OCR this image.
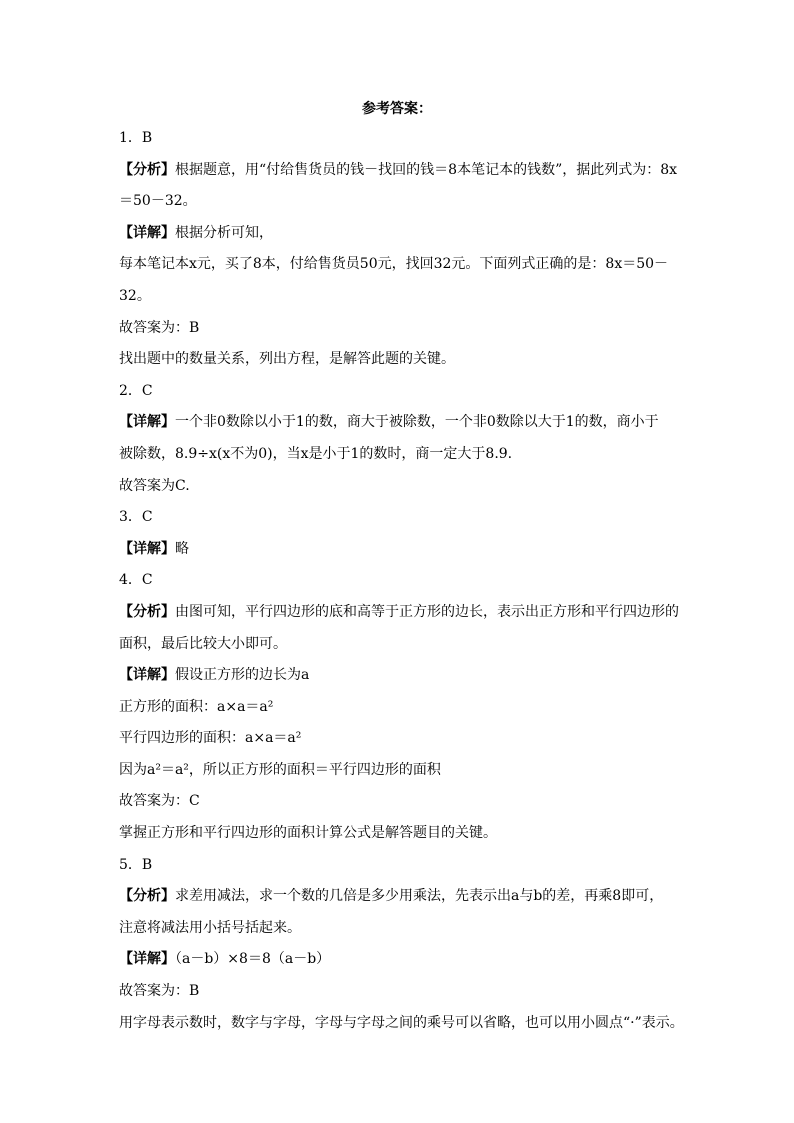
参考答案：
1．B
【分析】根据题意，用“付给售货员的钱－找回的钱＝8本笔记本的钱数”，据此列式为：8x
＝50－32。
【详解】根据分析可知，
每本笔记本x元，买了8本，付给售货员50元，找回32元。下面列式正确的是：8x＝50－
32。
故答案为：B
找出题中的数量关系，列出方程，是解答此题的关键。
2．C
【详解】一个非0数除以小于1的数，商大于被除数，一个非0数除以大于1的数，商小于
被除数，8.9÷x(x不为0)，当x是小于1的数时，商一定大于8.9.
故答案为C.
3．C
【详解】略
4．C
【分析】由图可知，平行四边形的底和高等于正方形的边长，表示出正方形和平行四边形的
面积，最后比较大小即可。
【详解】假设正方形的边长为a
正方形的面积：a×a＝a²
平行四边形的面积：a×a＝a²
因为a²＝a²，所以正方形的面积＝平行四边形的面积
故答案为：C
掌握正方形和平行四边形的面积计算公式是解答题目的关键。
5．B
【分析】求差用减法，求一个数的几倍是多少用乘法，先表示出a与b的差，再乘8即可，
注意将减法用小括号括起来。
【详解】（a－b）×8＝8（a－b）
故答案为：B
用字母表示数时，数字与字母，字母与字母之间的乘号可以省略，也可以用小圆点“·”表示。
